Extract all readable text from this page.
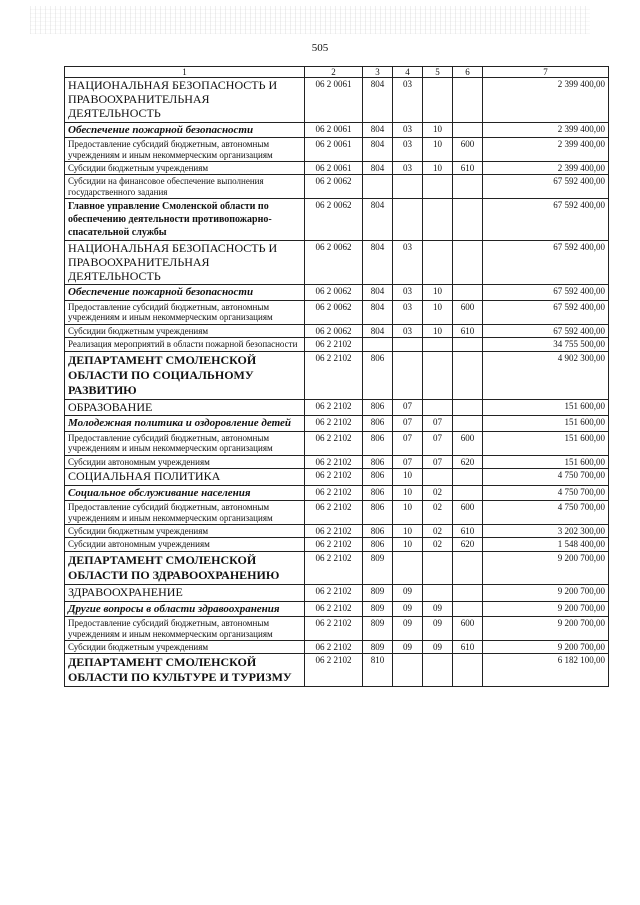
505
1	2	3	4	5	6	7
НАЦИОНАЛЬНАЯ БЕЗОПАСНОСТЬ И ПРАВООХРАНИТЕЛЬНАЯ ДЕЯТЕЛЬНОСТЬ	06 2 0061	804	03			2 399 400,00
Обеспечение пожарной безопасности	06 2 0061	804	03	10		2 399 400,00
Предоставление субсидий бюджетным, автономным учреждениям и иным некоммерческим организациям	06 2 0061	804	03	10	600	2 399 400,00
Субсидии бюджетным учреждениям	06 2 0061	804	03	10	610	2 399 400,00
Субсидии на финансовое обеспечение выполнения государственного задания	06 2 0062					67 592 400,00
Главное управление Смоленской области по обеспечению деятельности противопожарно-спасательной службы	06 2 0062	804				67 592 400,00
НАЦИОНАЛЬНАЯ БЕЗОПАСНОСТЬ И ПРАВООХРАНИТЕЛЬНАЯ ДЕЯТЕЛЬНОСТЬ	06 2 0062	804	03			67 592 400,00
Обеспечение пожарной безопасности	06 2 0062	804	03	10		67 592 400,00
Предоставление субсидий бюджетным, автономным учреждениям и иным некоммерческим организациям	06 2 0062	804	03	10	600	67 592 400,00
Субсидии бюджетным учреждениям	06 2 0062	804	03	10	610	67 592 400,00
Реализация мероприятий в области пожарной безопасности	06 2 2102					34 755 500,00
ДЕПАРТАМЕНТ СМОЛЕНСКОЙ ОБЛАСТИ ПО СОЦИАЛЬНОМУ РАЗВИТИЮ	06 2 2102	806				4 902 300,00
ОБРАЗОВАНИЕ	06 2 2102	806	07			151 600,00
Молодежная политика и оздоровление детей	06 2 2102	806	07	07		151 600,00
Предоставление субсидий бюджетным, автономным учреждениям и иным некоммерческим организациям	06 2 2102	806	07	07	600	151 600,00
Субсидии автономным учреждениям	06 2 2102	806	07	07	620	151 600,00
СОЦИАЛЬНАЯ ПОЛИТИКА	06 2 2102	806	10			4 750 700,00
Социальное обслуживание населения	06 2 2102	806	10	02		4 750 700,00
Предоставление субсидий бюджетным, автономным учреждениям и иным некоммерческим организациям	06 2 2102	806	10	02	600	4 750 700,00
Субсидии бюджетным учреждениям	06 2 2102	806	10	02	610	3 202 300,00
Субсидии автономным учреждениям	06 2 2102	806	10	02	620	1 548 400,00
ДЕПАРТАМЕНТ СМОЛЕНСКОЙ ОБЛАСТИ ПО ЗДРАВООХРАНЕНИЮ	06 2 2102	809				9 200 700,00
ЗДРАВООХРАНЕНИЕ	06 2 2102	809	09			9 200 700,00
Другие вопросы в области здравоохранения	06 2 2102	809	09	09		9 200 700,00
Предоставление субсидий бюджетным, автономным учреждениям и иным некоммерческим организациям	06 2 2102	809	09	09	600	9 200 700,00
Субсидии бюджетным учреждениям	06 2 2102	809	09	09	610	9 200 700,00
ДЕПАРТАМЕНТ СМОЛЕНСКОЙ ОБЛАСТИ ПО КУЛЬТУРЕ И ТУРИЗМУ	06 2 2102	810				6 182 100,00
